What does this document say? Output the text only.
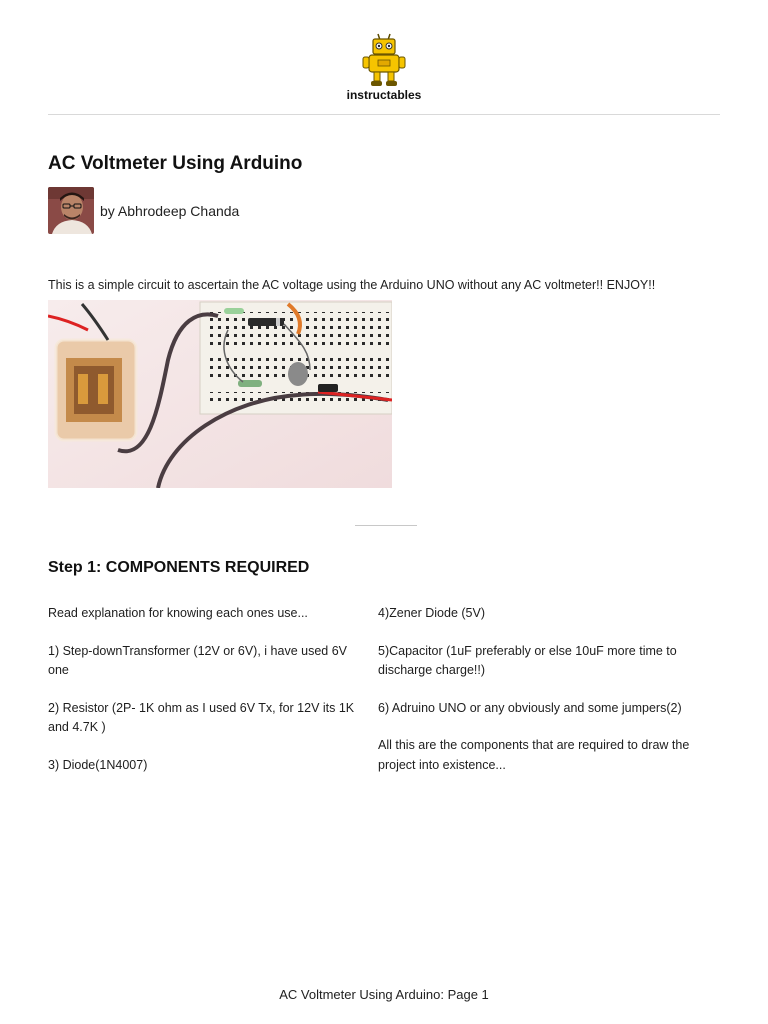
instructables
AC Voltmeter Using Arduino
by Abhrodeep Chanda

This is a simple circuit to ascertain the AC voltage using the Arduino UNO without any AC voltmeter!! ENJOY!!

Step 1: COMPONENTS REQUIRED

Read explanation for knowing each ones use...

1) Step-downTransformer (12V or 6V), i have used 6V one

2) Resistor (2P- 1K ohm as I used 6V Tx, for 12V its 1K and 4.7K )

3) Diode(1N4007)

4)Zener Diode (5V)

5)Capacitor (1uF preferably or else 10uF more time to discharge charge!!)

6) Adruino UNO or any obviously and some jumpers(2)

All this are the components that are required to draw the project into existence...

AC Voltmeter Using Arduino: Page 1
